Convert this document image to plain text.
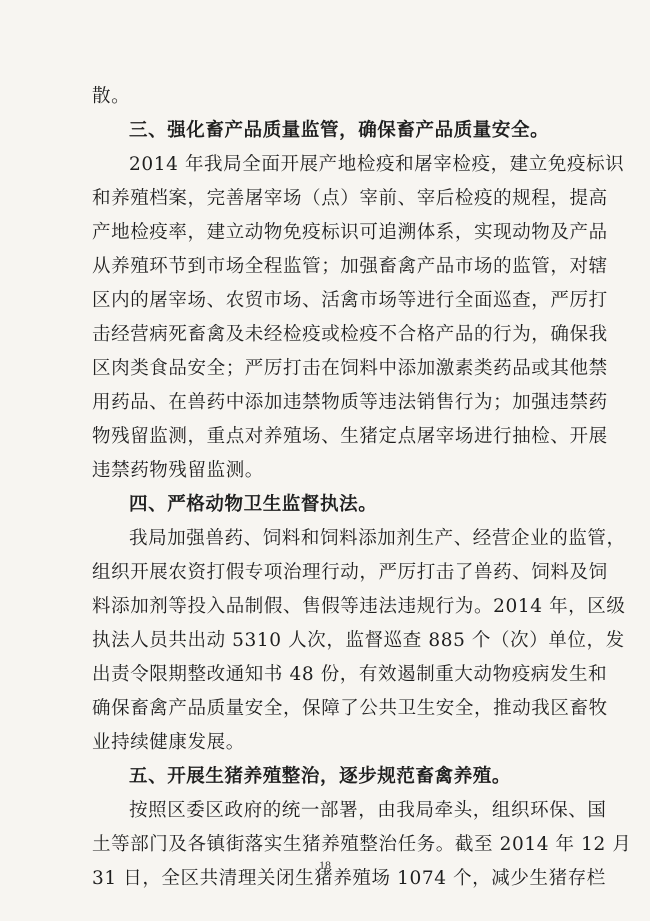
散。
三、强化畜产品质量监管，确保畜产品质量安全。
2014 年我局全面开展产地检疫和屠宰检疫，建立免疫标识
和养殖档案，完善屠宰场（点）宰前、宰后检疫的规程，提高
产地检疫率，建立动物免疫标识可追溯体系，实现动物及产品
从养殖环节到市场全程监管；加强畜禽产品市场的监管，对辖
区内的屠宰场、农贸市场、活禽市场等进行全面巡查，严厉打
击经营病死畜禽及未经检疫或检疫不合格产品的行为，确保我
区肉类食品安全；严厉打击在饲料中添加激素类药品或其他禁
用药品、在兽药中添加违禁物质等违法销售行为；加强违禁药
物残留监测，重点对养殖场、生猪定点屠宰场进行抽检、开展
违禁药物残留监测。
四、严格动物卫生监督执法。
我局加强兽药、饲料和饲料添加剂生产、经营企业的监管，
组织开展农资打假专项治理行动，严厉打击了兽药、饲料及饲
料添加剂等投入品制假、售假等违法违规行为。2014 年，区级
执法人员共出动 5310 人次，监督巡查 885 个（次）单位，发
出责令限期整改通知书 48 份，有效遏制重大动物疫病发生和
确保畜禽产品质量安全，保障了公共卫生安全，推动我区畜牧
业持续健康发展。
五、开展生猪养殖整治，逐步规范畜禽养殖。
按照区委区政府的统一部署，由我局牵头，组织环保、国
土等部门及各镇街落实生猪养殖整治任务。截至 2014 年 12 月
31 日，全区共清理关闭生猪养殖场 1074 个，减少生猪存栏
18
